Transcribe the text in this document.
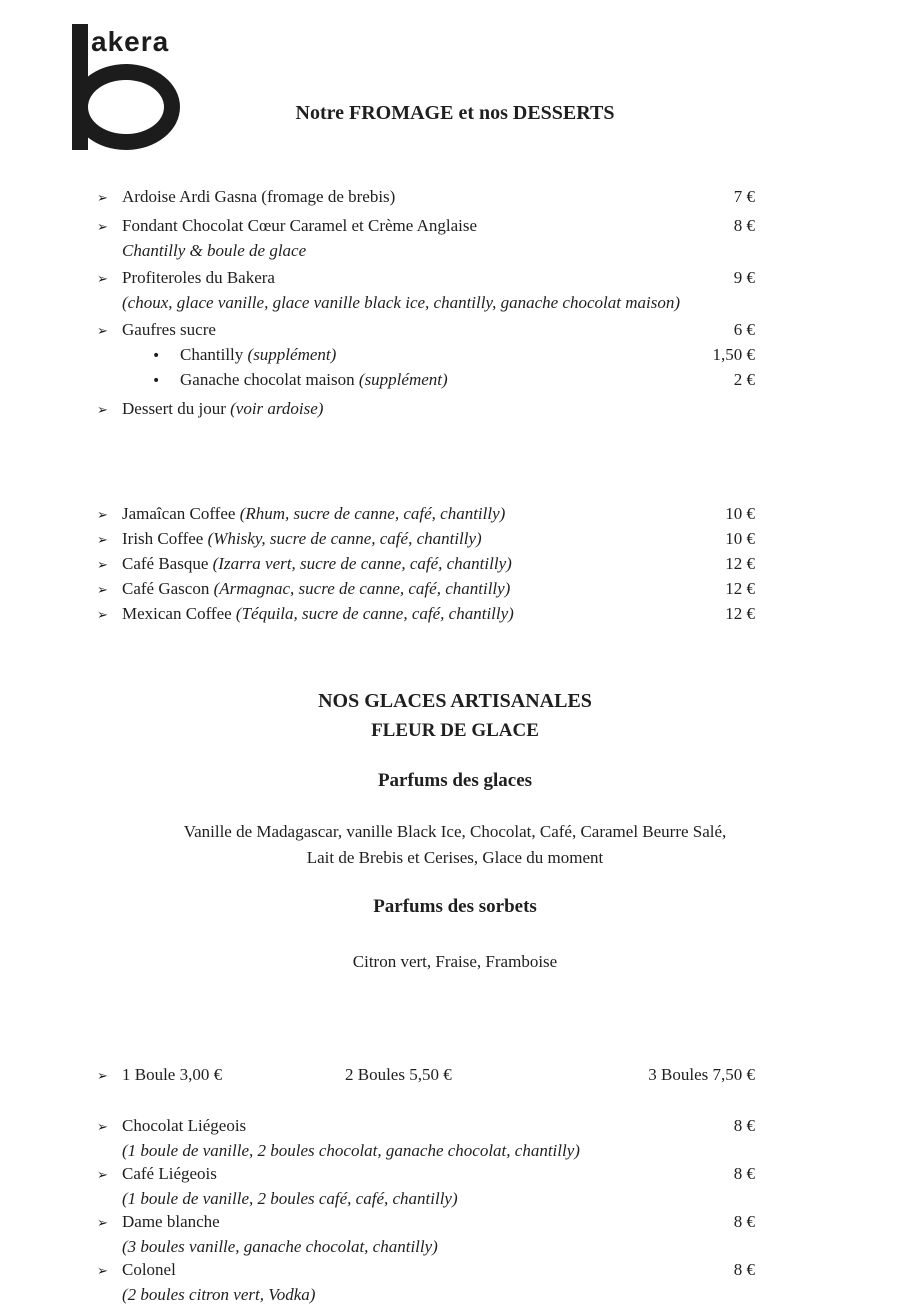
akera
Notre FROMAGE et nos DESSERTS
➢ Ardoise Ardi Gasna (fromage de brebis)	7 €
➢ Fondant Chocolat Cœur Caramel et Crème Anglaise	8 €
Chantilly & boule de glace
➢ Profiteroles du Bakera	9 €
(choux, glace vanille, glace vanille black ice, chantilly, ganache chocolat maison)
➢ Gaufres sucre	6 €
•	Chantilly (supplément)	1,50 €
•	Ganache chocolat maison (supplément)	2 €
➢ Dessert du jour (voir ardoise)
➢ Jamaîcan Coffee (Rhum, sucre de canne, café, chantilly)	10 €
➢ Irish Coffee (Whisky, sucre de canne, café, chantilly)	10 €
➢ Café Basque (Izarra vert, sucre de canne, café, chantilly)	12 €
➢ Café Gascon (Armagnac, sucre de canne, café, chantilly)	12 €
➢ Mexican Coffee (Téquila, sucre de canne, café, chantilly)	12 €
NOS GLACES ARTISANALES
FLEUR DE GLACE
Parfums des glaces
Vanille de Madagascar, vanille Black Ice, Chocolat, Café, Caramel Beurre Salé,
Lait de Brebis et Cerises, Glace du moment
Parfums des sorbets
Citron vert, Fraise, Framboise
➢ 1 Boule 3,00 €	2 Boules 5,50 €	3 Boules 7,50 €
➢ Chocolat Liégeois	8 €
(1 boule de vanille, 2 boules chocolat, ganache chocolat, chantilly)
➢ Café Liégeois	8 €
(1 boule de vanille, 2 boules café, café, chantilly)
➢ Dame blanche	8 €
(3 boules vanille, ganache chocolat, chantilly)
➢ Colonel	8 €
(2 boules citron vert, Vodka)
